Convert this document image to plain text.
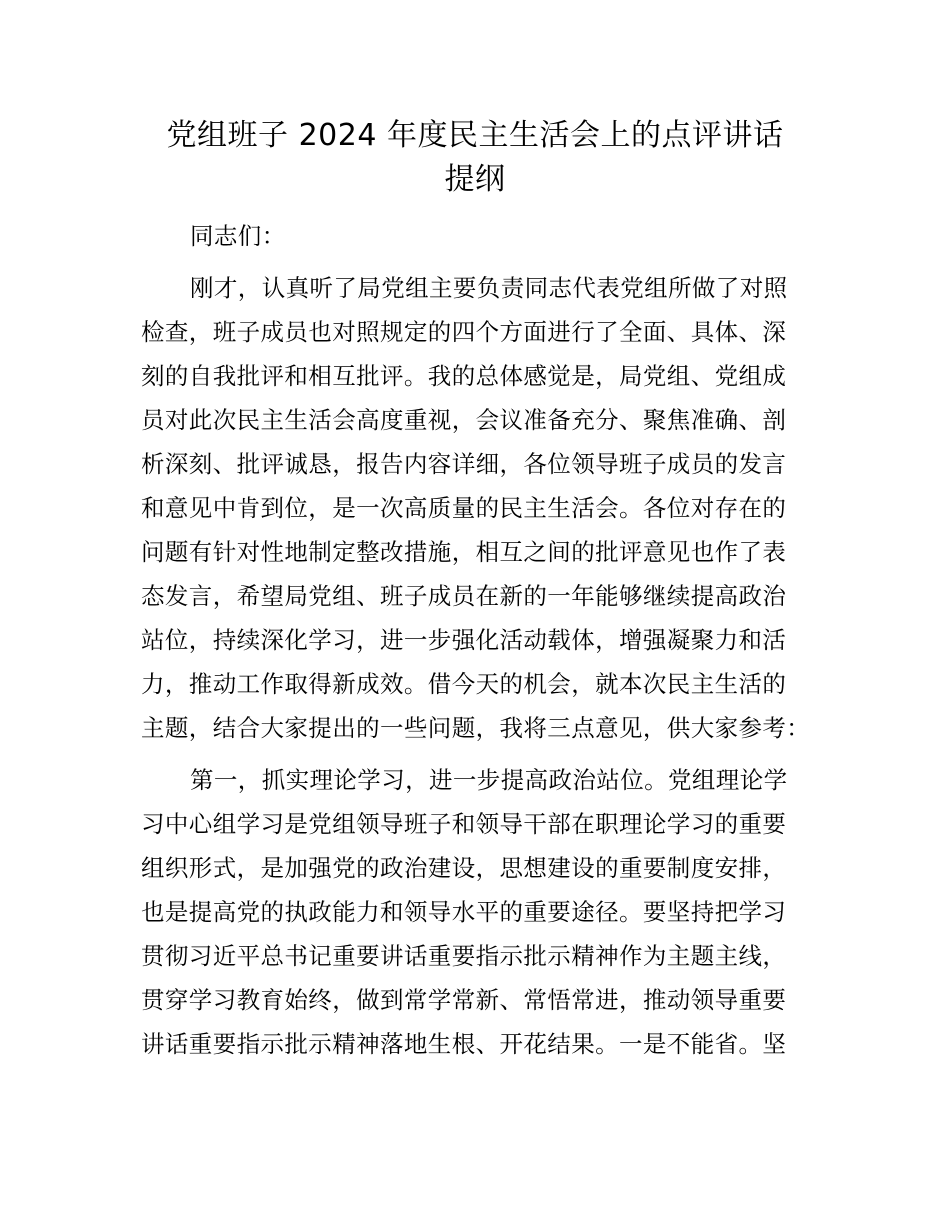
党组班子 2024 年度民主生活会上的点评讲话
提纲
同志们：
刚才，认真听了局党组主要负责同志代表党组所做了对照
检查，班子成员也对照规定的四个方面进行了全面、具体、深
刻的自我批评和相互批评。我的总体感觉是，局党组、党组成
员对此次民主生活会高度重视，会议准备充分、聚焦准确、剖
析深刻、批评诚恳，报告内容详细，各位领导班子成员的发言
和意见中肯到位，是一次高质量的民主生活会。各位对存在的
问题有针对性地制定整改措施，相互之间的批评意见也作了表
态发言，希望局党组、班子成员在新的一年能够继续提高政治
站位，持续深化学习，进一步强化活动载体，增强凝聚力和活
力，推动工作取得新成效。借今天的机会，就本次民主生活的
主题，结合大家提出的一些问题，我将三点意见，供大家参考：
第一，抓实理论学习，进一步提高政治站位。党组理论学
习中心组学习是党组领导班子和领导干部在职理论学习的重要
组织形式，是加强党的政治建设，思想建设的重要制度安排，
也是提高党的执政能力和领导水平的重要途径。要坚持把学习
贯彻习近平总书记重要讲话重要指示批示精神作为主题主线，
贯穿学习教育始终，做到常学常新、常悟常进，推动领导重要
讲话重要指示批示精神落地生根、开花结果。一是不能省。坚
